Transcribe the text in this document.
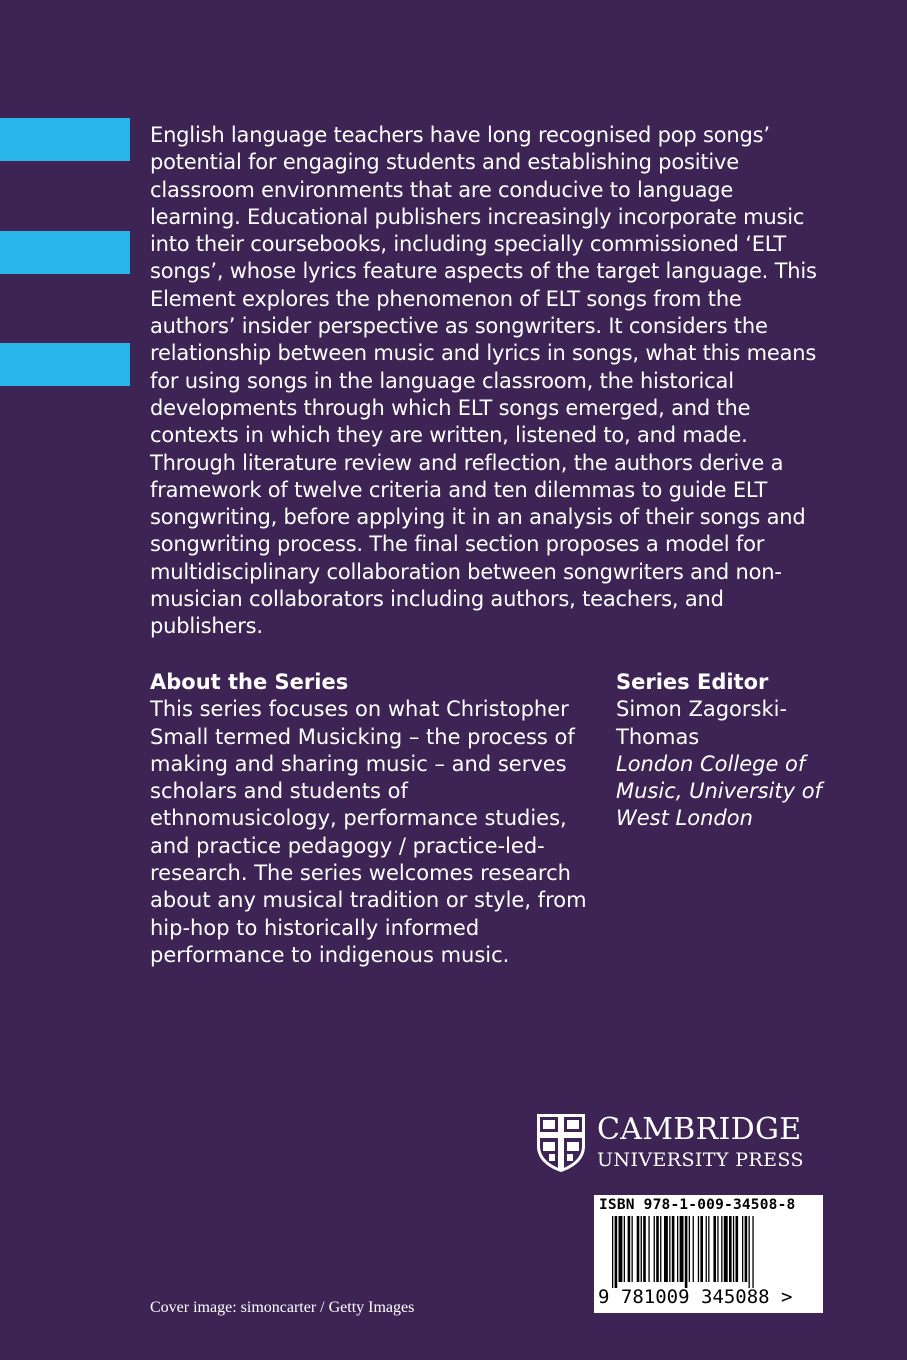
English language teachers have long recognised pop songs’ potential for engaging students and establishing positive classroom environments that are conducive to language learning. Educational publishers increasingly incorporate music into their coursebooks, including specially commissioned ‘ELT songs’, whose lyrics feature aspects of the target language. This Element explores the phenomenon of ELT songs from the authors’ insider perspective as songwriters. It considers the relationship between music and lyrics in songs, what this means for using songs in the language classroom, the historical developments through which ELT songs emerged, and the contexts in which they are written, listened to, and made. Through literature review and reflection, the authors derive a framework of twelve criteria and ten dilemmas to guide ELT songwriting, before applying it in an analysis of their songs and songwriting process. The final section proposes a model for multidisciplinary collaboration between songwriters and non-musician collaborators including authors, teachers, and publishers.

About the Series
This series focuses on what Christopher Small termed Musicking – the process of making and sharing music – and serves scholars and students of ethnomusicology, performance studies, and practice pedagogy / practice-led-research. The series welcomes research about any musical tradition or style, from hip-hop to historically informed performance to indigenous music.
Series Editor
Simon Zagorski-Thomas
London College of Music, University of West London
CAMBRIDGE
UNIVERSITY PRESS
ISBN 978-1-009-34508-8
9 781009 345088 >
Cover image: simoncarter / Getty Images
